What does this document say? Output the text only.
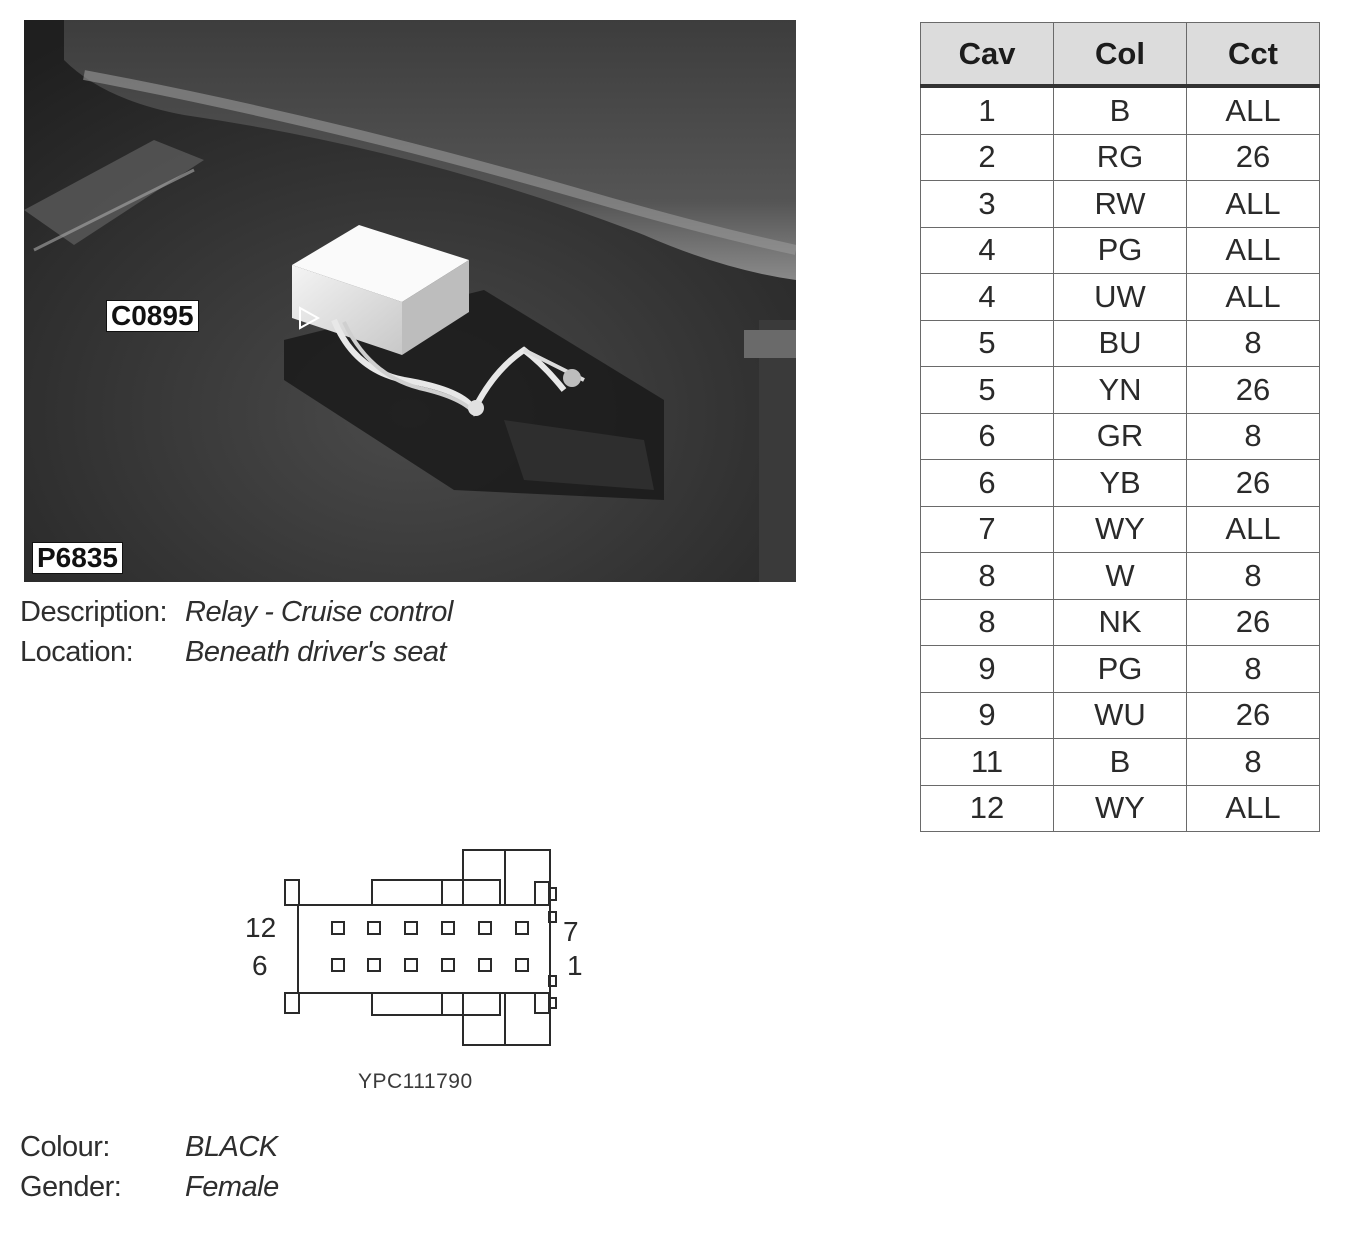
C0895
P6835
Description: Relay - Cruise control
Location:	Beneath driver's seat
Cav	Col	Cct
1	B	ALL
2	RG	26
3	RW	ALL
4	PG	ALL
4	UW	ALL
5	BU	8
5	YN	26
6	GR	8
6	YB	26
7	WY	ALL
8	W	8
8	NK	26
9	PG	8
9	WU	26
11	B	8
12	WY	ALL
12
6
7
1
YPC111790
Colour:	BLACK
Gender:	Female
